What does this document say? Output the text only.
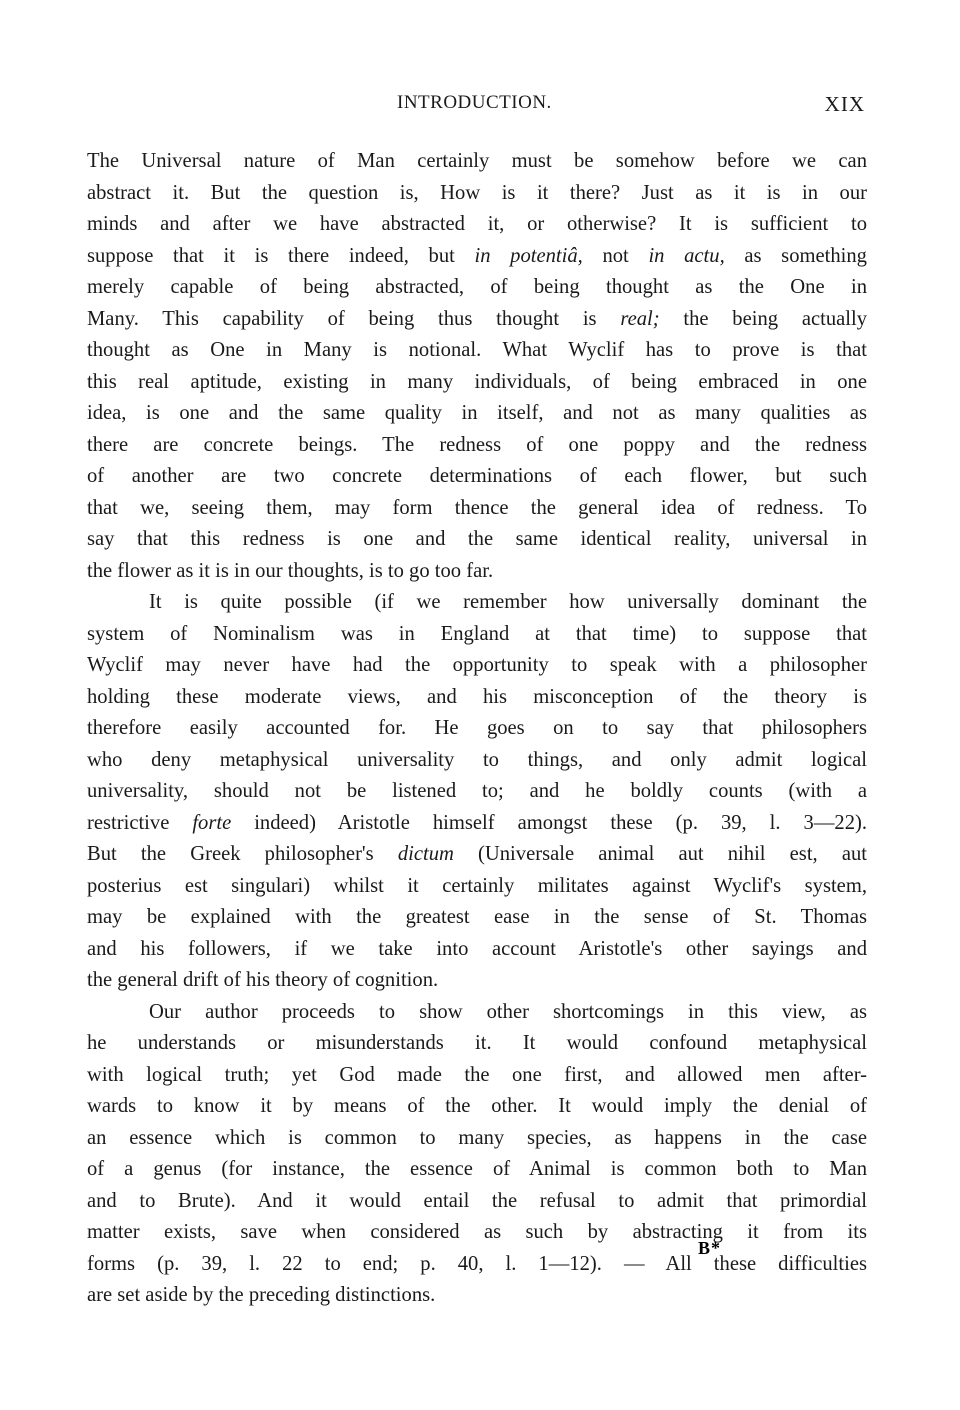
INTRODUCTION.	XIX
The Universal nature of Man certainly must be somehow before we can
abstract it. But the question is, How is it there? Just as it is in our
minds and after we have abstracted it, or otherwise? It is sufficient to
suppose that it is there indeed, but in potentiâ, not in actu, as something
merely capable of being abstracted, of being thought as the One in
Many. This capability of being thus thought is real; the being actually
thought as One in Many is notional. What Wyclif has to prove is that
this real aptitude, existing in many individuals, of being embraced in one
idea, is one and the same quality in itself, and not as many qualities as
there are concrete beings. The redness of one poppy and the redness
of another are two concrete determinations of each flower, but such
that we, seeing them, may form thence the general idea of redness. To
say that this redness is one and the same identical reality, universal in
the flower as it is in our thoughts, is to go too far.
It is quite possible (if we remember how universally dominant the
system of Nominalism was in England at that time) to suppose that
Wyclif may never have had the opportunity to speak with a philosopher
holding these moderate views, and his misconception of the theory is
therefore easily accounted for. He goes on to say that philosophers
who deny metaphysical universality to things, and only admit logical
universality, should not be listened to; and he boldly counts (with a
restrictive forte indeed) Aristotle himself amongst these (p. 39, l. 3—22).
But the Greek philosopher's dictum (Universale animal aut nihil est, aut
posterius est singulari) whilst it certainly militates against Wyclif's system,
may be explained with the greatest ease in the sense of St. Thomas
and his followers, if we take into account Aristotle's other sayings and
the general drift of his theory of cognition.
Our author proceeds to show other shortcomings in this view, as
he understands or misunderstands it. It would confound metaphysical
with logical truth; yet God made the one first, and allowed men after-
wards to know it by means of the other. It would imply the denial of
an essence which is common to many species, as happens in the case
of a genus (for instance, the essence of Animal is common both to Man
and to Brute). And it would entail the refusal to admit that primordial
matter exists, save when considered as such by abstracting it from its
forms (p. 39, l. 22 to end; p. 40, l. 1—12). — All these difficulties
are set aside by the preceding distinctions.
B*
